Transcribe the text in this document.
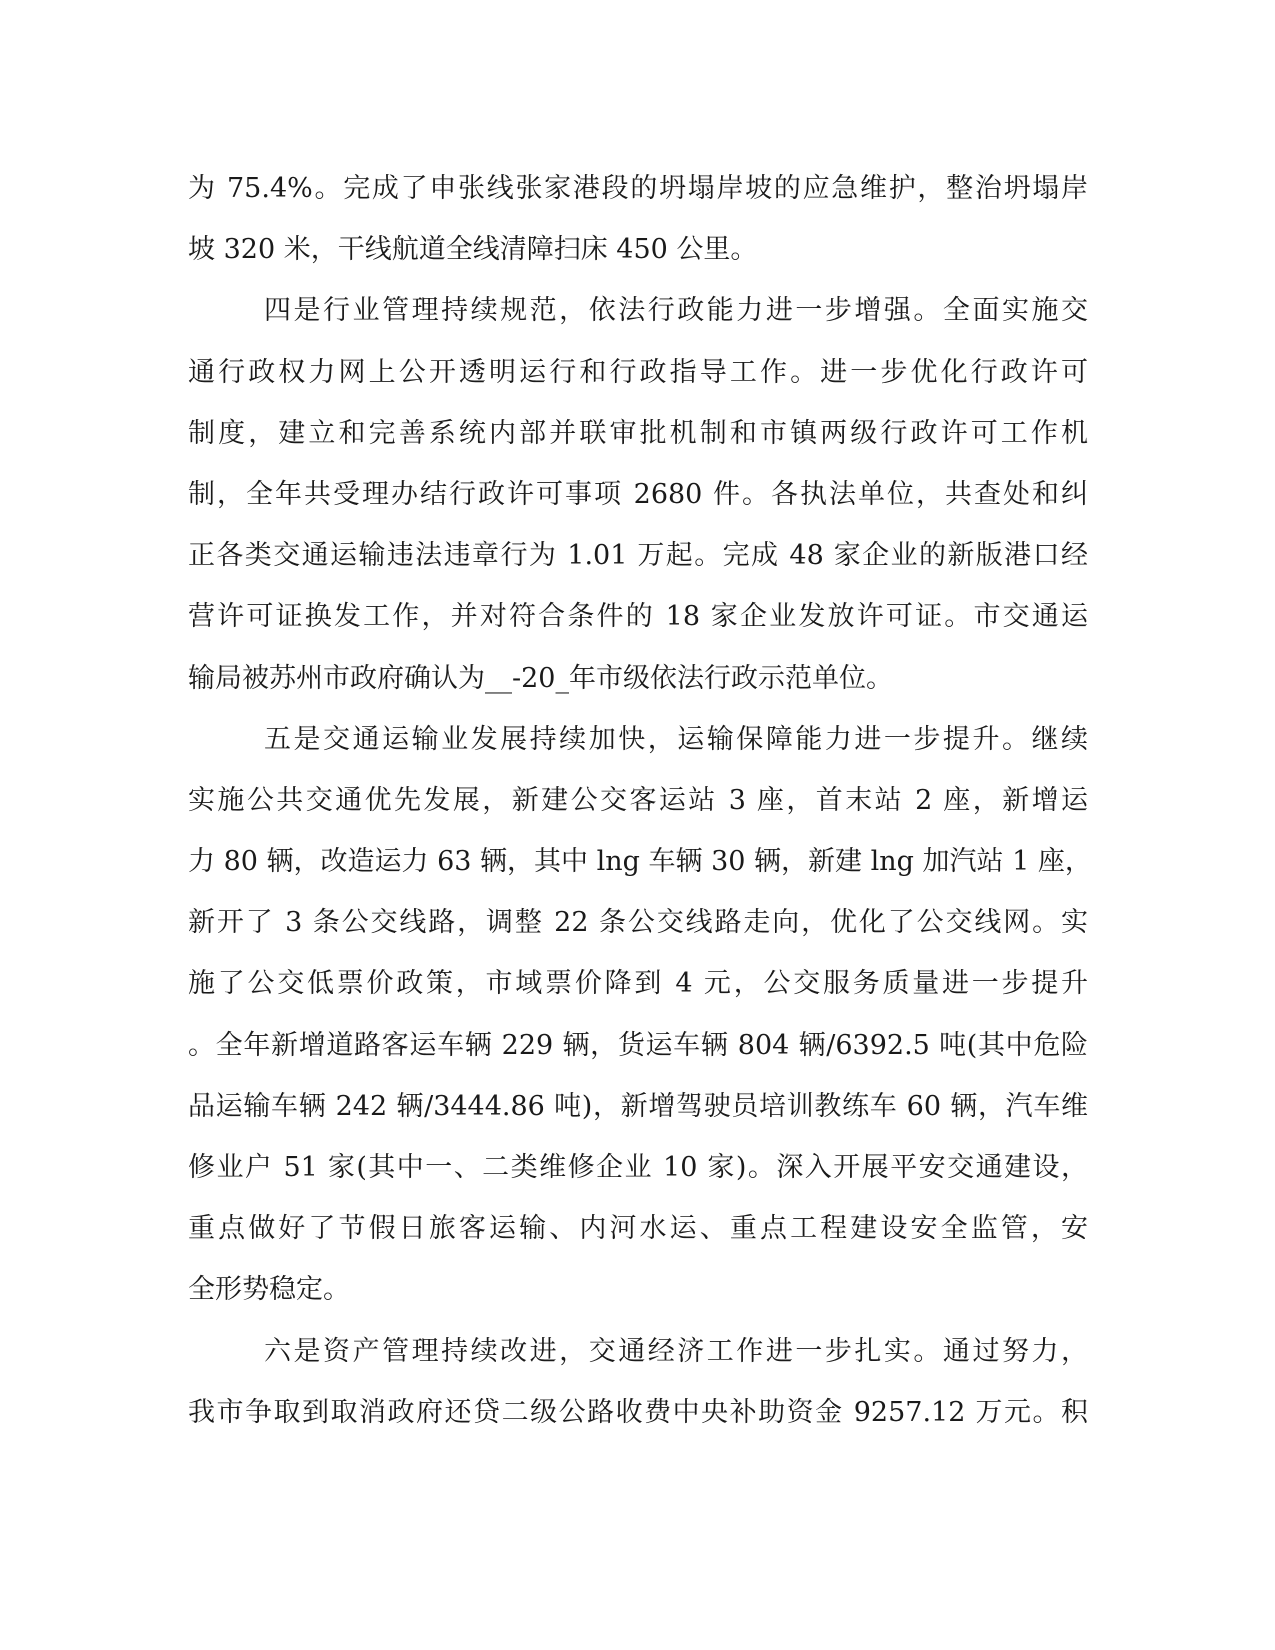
为 75.4%。完成了申张线张家港段的坍塌岸坡的应急维护，整治坍塌岸
坡 320 米，干线航道全线清障扫床 450 公里。
四是行业管理持续规范，依法行政能力进一步增强。全面实施交
通行政权力网上公开透明运行和行政指导工作。进一步优化行政许可
制度，建立和完善系统内部并联审批机制和市镇两级行政许可工作机
制，全年共受理办结行政许可事项 2680 件。各执法单位，共查处和纠
正各类交通运输违法违章行为 1.01 万起。完成 48 家企业的新版港口经
营许可证换发工作，并对符合条件的 18 家企业发放许可证。市交通运
输局被苏州市政府确认为__-20_年市级依法行政示范单位。
五是交通运输业发展持续加快，运输保障能力进一步提升。继续
实施公共交通优先发展，新建公交客运站 3 座，首末站 2 座，新增运
力 80 辆，改造运力 63 辆，其中 lng 车辆 30 辆，新建 lng 加汽站 1 座，
新开了 3 条公交线路，调整 22 条公交线路走向，优化了公交线网。实
施了公交低票价政策，市域票价降到 4 元，公交服务质量进一步提升
。全年新增道路客运车辆 229 辆，货运车辆 804 辆/6392.5 吨(其中危险
品运输车辆 242 辆/3444.86 吨)，新增驾驶员培训教练车 60 辆，汽车维
修业户 51 家(其中一、二类维修企业 10 家)。深入开展平安交通建设，
重点做好了节假日旅客运输、内河水运、重点工程建设安全监管，安
全形势稳定。
六是资产管理持续改进，交通经济工作进一步扎实。通过努力，
我市争取到取消政府还贷二级公路收费中央补助资金 9257.12 万元。积
